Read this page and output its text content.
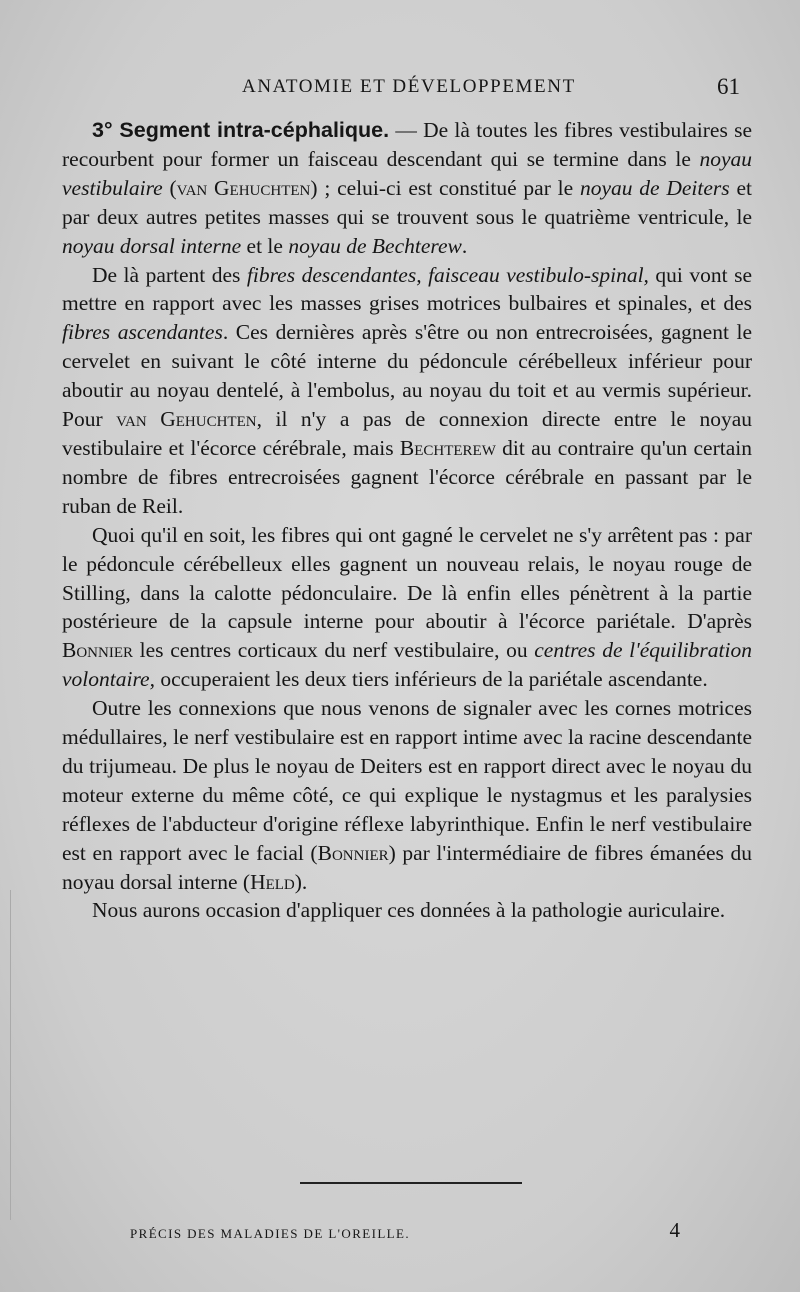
ANATOMIE ET DÉVELOPPEMENT	61

3° Segment intra-céphalique. — De là toutes les fibres vestibulaires se recourbent pour former un faisceau descendant qui se termine dans le noyau vestibulaire (van Gehuchten) ; celui-ci est constitué par le noyau de Deiters et par deux autres petites masses qui se trouvent sous le quatrième ventricule, le noyau dorsal interne et le noyau de Bechterew.

De là partent des fibres descendantes, faisceau vestibulo-spinal, qui vont se mettre en rapport avec les masses grises motrices bulbaires et spinales, et des fibres ascendantes. Ces dernières après s'être ou non entrecroisées, gagnent le cervelet en suivant le côté interne du pédoncule cérébelleux inférieur pour aboutir au noyau dentelé, à l'embolus, au noyau du toit et au vermis supérieur. Pour van Gehuchten, il n'y a pas de connexion directe entre le noyau vestibulaire et l'écorce cérébrale, mais Bechterew dit au contraire qu'un certain nombre de fibres entrecroisées gagnent l'écorce cérébrale en passant par le ruban de Reil.

Quoi qu'il en soit, les fibres qui ont gagné le cervelet ne s'y arrêtent pas : par le pédoncule cérébelleux elles gagnent un nouveau relais, le noyau rouge de Stilling, dans la calotte pédonculaire. De là enfin elles pénètrent à la partie postérieure de la capsule interne pour aboutir à l'écorce pariétale. D'après Bonnier les centres corticaux du nerf vestibulaire, ou centres de l'équilibration volontaire, occuperaient les deux tiers inférieurs de la pariétale ascendante.

Outre les connexions que nous venons de signaler avec les cornes motrices médullaires, le nerf vestibulaire est en rapport intime avec la racine descendante du trijumeau. De plus le noyau de Deiters est en rapport direct avec le noyau du moteur externe du même côté, ce qui explique le nystagmus et les paralysies réflexes de l'abducteur d'origine réflexe labyrinthique. Enfin le nerf vestibulaire est en rapport avec le facial (Bonnier) par l'intermédiaire de fibres émanées du noyau dorsal interne (Held).

Nous aurons occasion d'appliquer ces données à la pathologie auriculaire.

PRÉCIS DES MALADIES DE L'OREILLE.	4
